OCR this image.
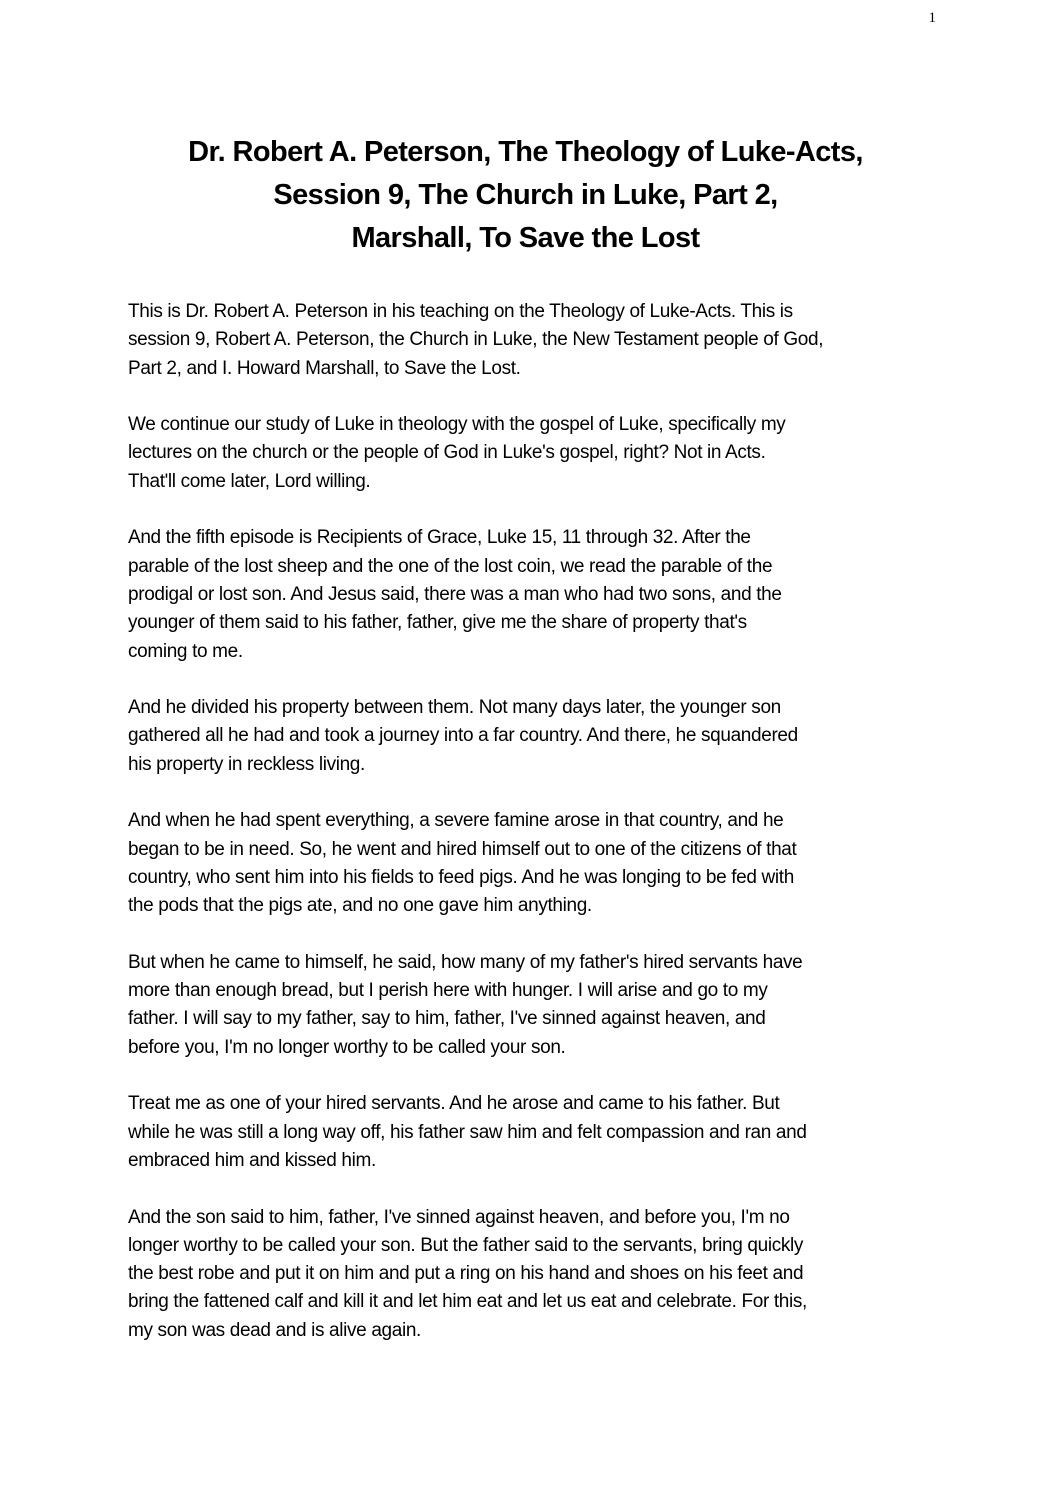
1
Dr. Robert A. Peterson, The Theology of Luke-Acts,
Session 9, The Church in Luke, Part 2,
Marshall, To Save the Lost

This is Dr. Robert A. Peterson in his teaching on the Theology of Luke-Acts. This is
session 9, Robert A. Peterson, the Church in Luke, the New Testament people of God,
Part 2, and I. Howard Marshall, to Save the Lost.

We continue our study of Luke in theology with the gospel of Luke, specifically my
lectures on the church or the people of God in Luke's gospel, right? Not in Acts.
That'll come later, Lord willing.

And the fifth episode is Recipients of Grace, Luke 15, 11 through 32. After the
parable of the lost sheep and the one of the lost coin, we read the parable of the
prodigal or lost son. And Jesus said, there was a man who had two sons, and the
younger of them said to his father, father, give me the share of property that's
coming to me.

And he divided his property between them. Not many days later, the younger son
gathered all he had and took a journey into a far country. And there, he squandered
his property in reckless living.

And when he had spent everything, a severe famine arose in that country, and he
began to be in need. So, he went and hired himself out to one of the citizens of that
country, who sent him into his fields to feed pigs. And he was longing to be fed with
the pods that the pigs ate, and no one gave him anything.

But when he came to himself, he said, how many of my father's hired servants have
more than enough bread, but I perish here with hunger. I will arise and go to my
father. I will say to my father, say to him, father, I've sinned against heaven, and
before you, I'm no longer worthy to be called your son.

Treat me as one of your hired servants. And he arose and came to his father. But
while he was still a long way off, his father saw him and felt compassion and ran and
embraced him and kissed him.

And the son said to him, father, I've sinned against heaven, and before you, I'm no
longer worthy to be called your son. But the father said to the servants, bring quickly
the best robe and put it on him and put a ring on his hand and shoes on his feet and
bring the fattened calf and kill it and let him eat and let us eat and celebrate. For this,
my son was dead and is alive again.
